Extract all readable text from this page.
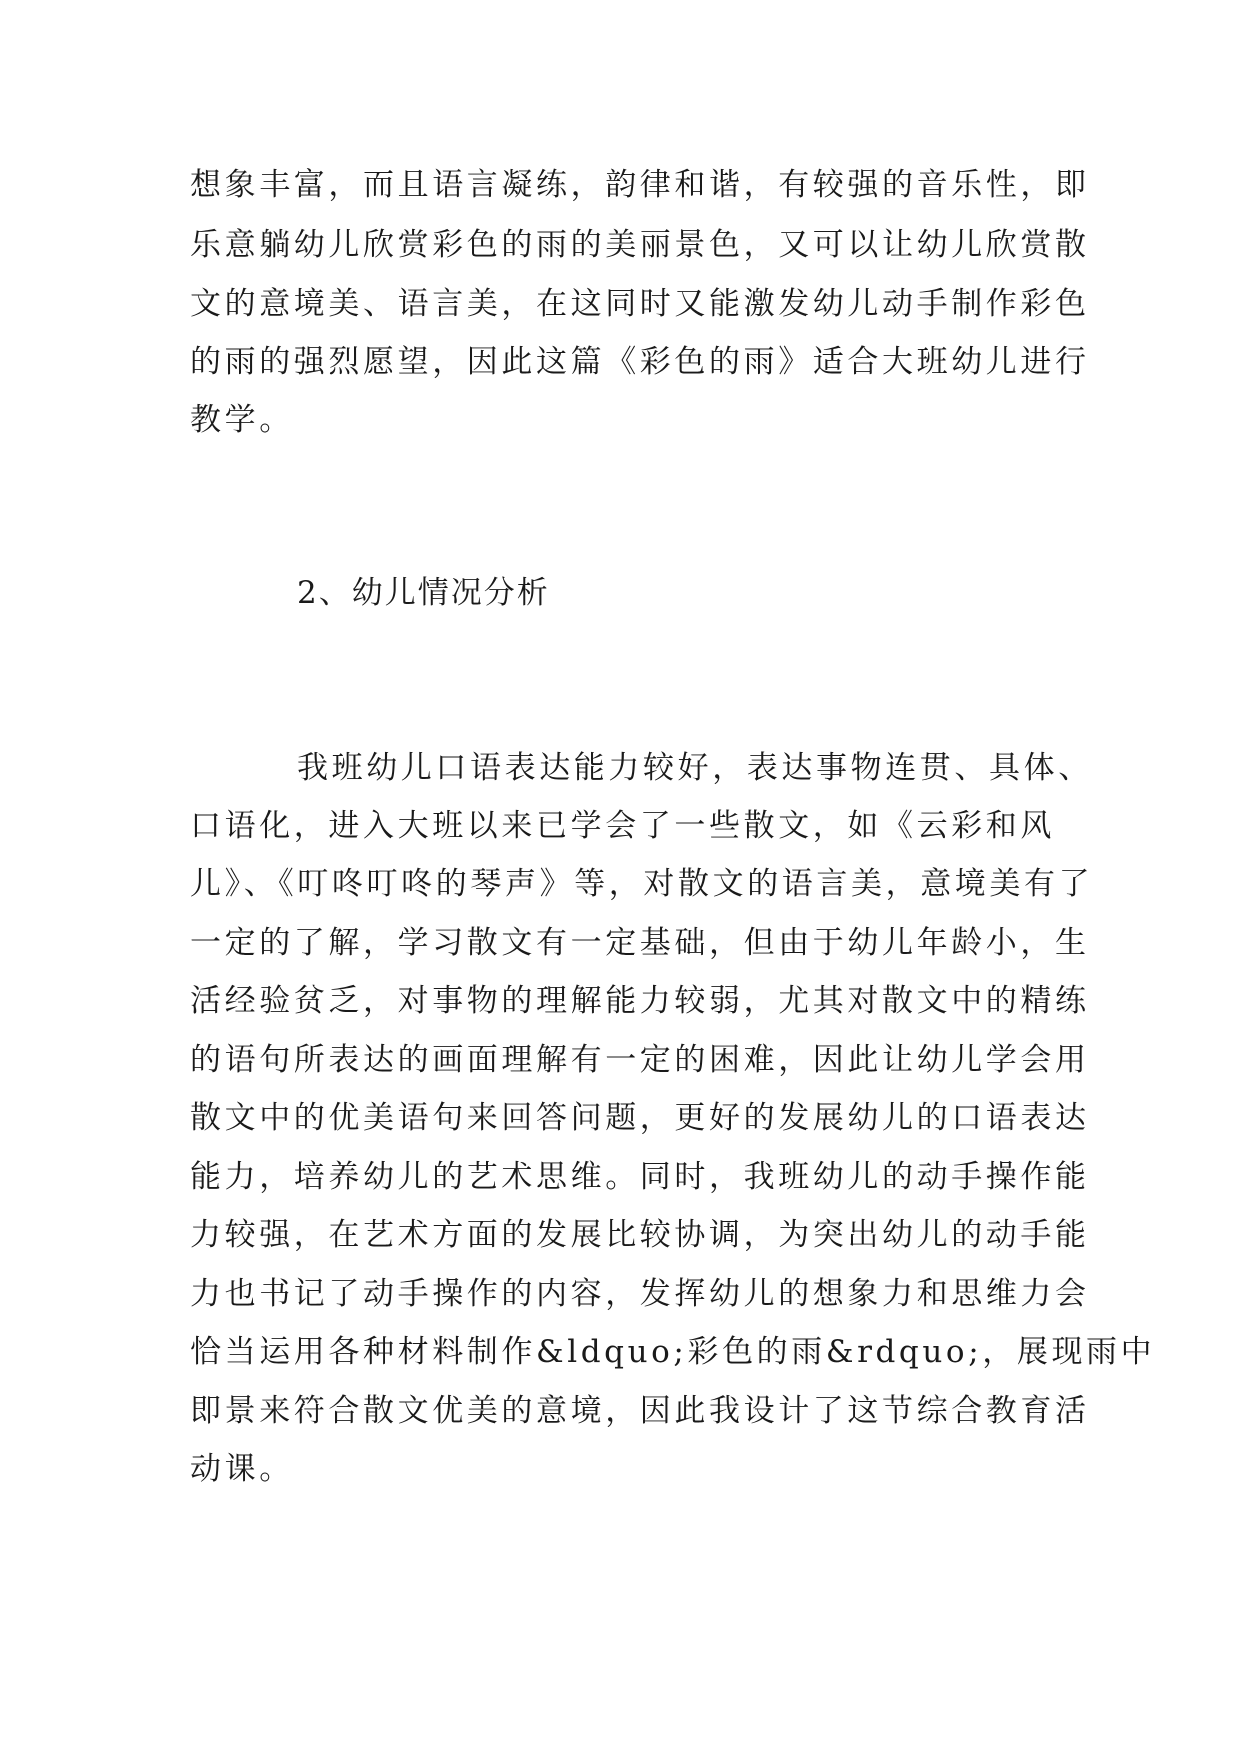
想象丰富，而且语言凝练，韵律和谐，有较强的音乐性，即
乐意躺幼儿欣赏彩色的雨的美丽景色，又可以让幼儿欣赏散
文的意境美、语言美，在这同时又能激发幼儿动手制作彩色
的雨的强烈愿望，因此这篇《彩色的雨》适合大班幼儿进行
教学。
2、幼儿情况分析
我班幼儿口语表达能力较好，表达事物连贯、具体、
口语化，进入大班以来已学会了一些散文，如《云彩和风
儿》、《叮咚叮咚的琴声》等，对散文的语言美，意境美有了
一定的了解，学习散文有一定基础，但由于幼儿年龄小，生
活经验贫乏，对事物的理解能力较弱，尤其对散文中的精练
的语句所表达的画面理解有一定的困难，因此让幼儿学会用
散文中的优美语句来回答问题，更好的发展幼儿的口语表达
能力，培养幼儿的艺术思维。同时，我班幼儿的动手操作能
力较强，在艺术方面的发展比较协调，为突出幼儿的动手能
力也书记了动手操作的内容，发挥幼儿的想象力和思维力会
恰当运用各种材料制作&ldquo;彩色的雨&rdquo;，展现雨中
即景来符合散文优美的意境，因此我设计了这节综合教育活
动课。
